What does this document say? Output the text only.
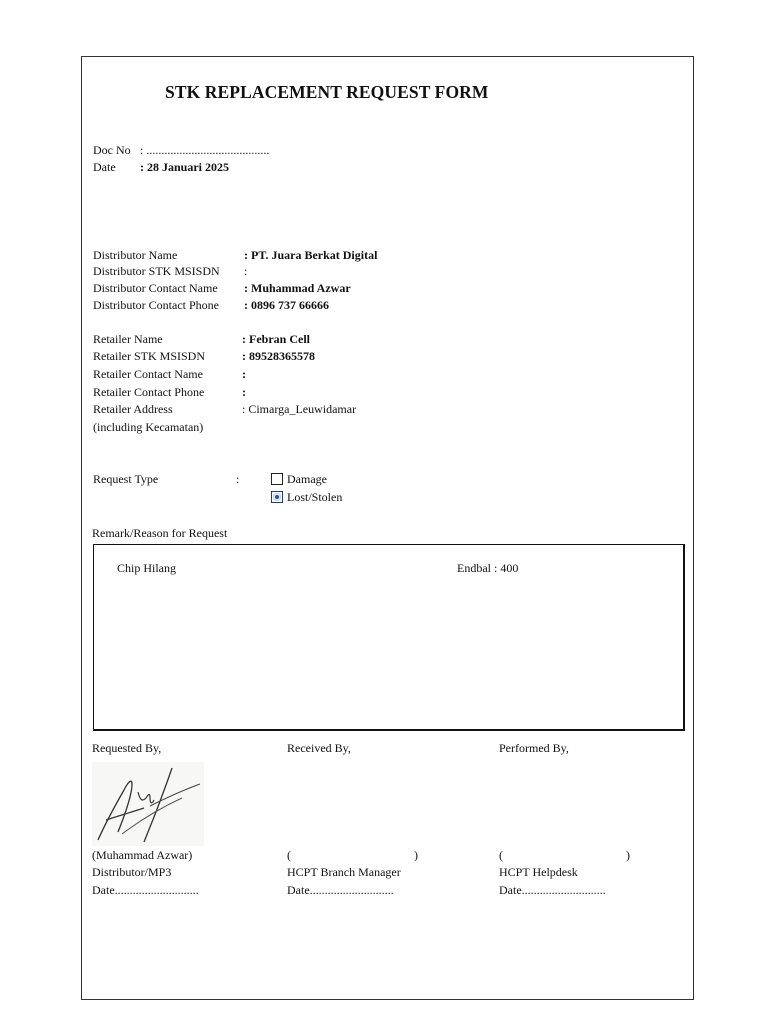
STK REPLACEMENT REQUEST FORM
Doc No : .........................................
Date : 28 Januari 2025
Distributor Name	: PT. Juara Berkat Digital
Distributor STK MSISDN :
Distributor Contact Name : Muhammad Azwar
Distributor Contact Phone : 0896 737 66666
Retailer Name	: Febran Cell
Retailer STK MSISDN	: 89528365578
Retailer Contact Name	:
Retailer Contact Phone	:
Retailer Address	: Cimarga_Leuwidamar
(including Kecamatan)
Request Type	:	Damage
Lost/Stolen
Remark/Reason for Request
Chip Hilang	Endbal : 400
Requested By,	Received By,	Performed By,
(Muhammad Azwar)	(	)	(	)
Distributor/MP3	HCPT Branch Manager	HCPT Helpdesk
Date............................	Date............................	Date............................
